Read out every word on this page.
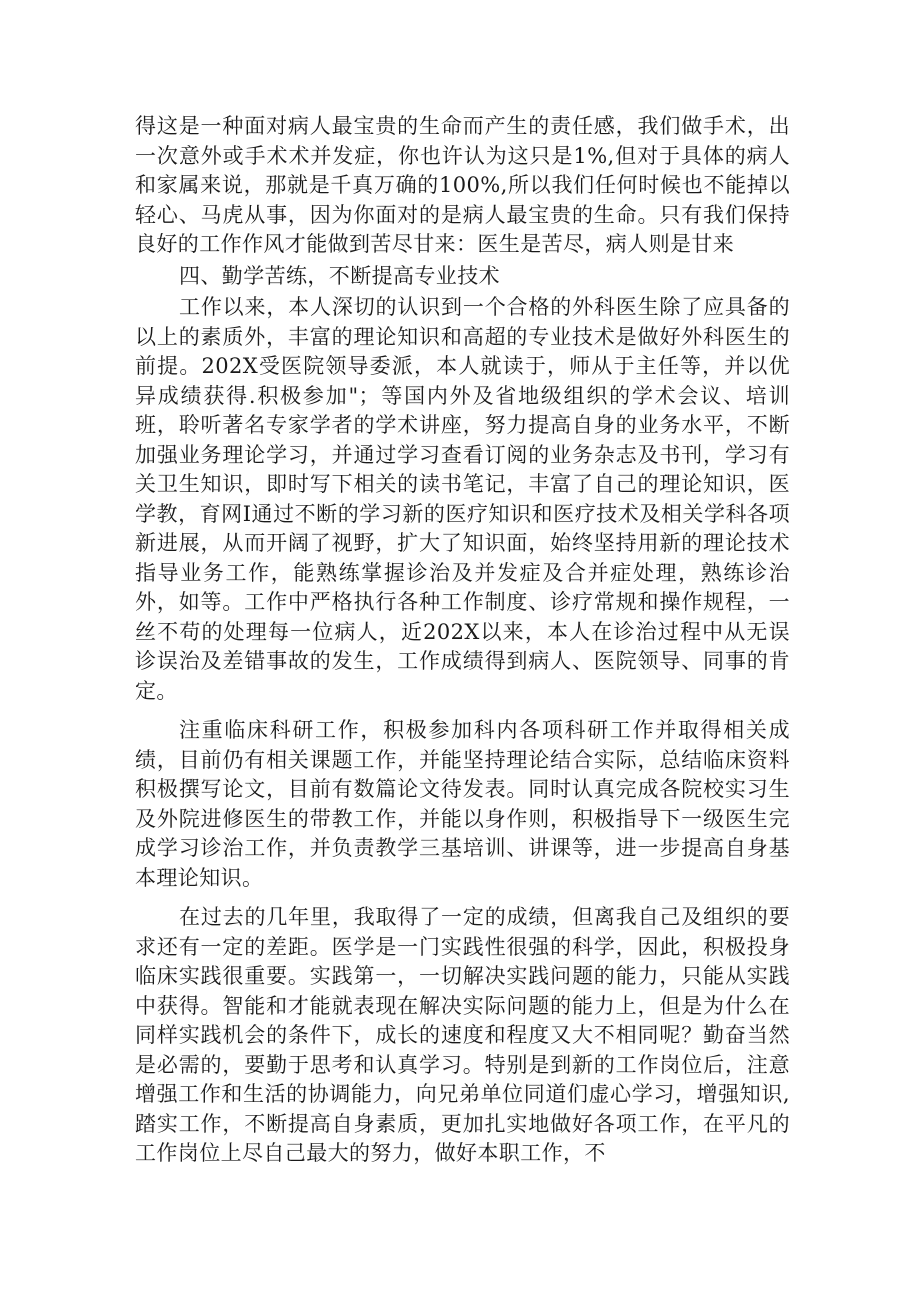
得这是一种面对病人最宝贵的生命而产生的责任感，我们做手术，出一次意外或手术术并发症，你也许认为这只是1%,但对于具体的病人和家属来说，那就是千真万确的100%,所以我们任何时候也不能掉以轻心、马虎从事，因为你面对的是病人最宝贵的生命。只有我们保持良好的工作作风才能做到苦尽甘来：医生是苦尽，病人则是甘来

四、勤学苦练，不断提高专业技术

工作以来，本人深切的认识到一个合格的外科医生除了应具备的以上的素质外，丰富的理论知识和高超的专业技术是做好外科医生的前提。202X受医院领导委派，本人就读于，师从于主任等，并以优异成绩获得.积极参加"；等国内外及省地级组织的学术会议、培训班，聆听著名专家学者的学术讲座，努力提高自身的业务水平，不断加强业务理论学习，并通过学习查看订阅的业务杂志及书刊，学习有关卫生知识，即时写下相关的读书笔记，丰富了自己的理论知识，医学教，育网I通过不断的学习新的医疗知识和医疗技术及相关学科各项新进展，从而开阔了视野，扩大了知识面，始终坚持用新的理论技术指导业务工作，能熟练掌握诊治及并发症及合并症处理，熟练诊治外，如等。工作中严格执行各种工作制度、诊疗常规和操作规程，一丝不苟的处理每一位病人，近202X以来，本人在诊治过程中从无误诊误治及差错事故的发生，工作成绩得到病人、医院领导、同事的肯定。

注重临床科研工作，积极参加科内各项科研工作并取得相关成绩，目前仍有相关课题工作，并能坚持理论结合实际，总结临床资料积极撰写论文，目前有数篇论文待发表。同时认真完成各院校实习生及外院进修医生的带教工作，并能以身作则，积极指导下一级医生完成学习诊治工作，并负责教学三基培训、讲课等，进一步提高自身基本理论知识。

在过去的几年里，我取得了一定的成绩，但离我自己及组织的要求还有一定的差距。医学是一门实践性很强的科学，因此，积极投身临床实践很重要。实践第一，一切解决实践问题的能力，只能从实践中获得。智能和才能就表现在解决实际问题的能力上，但是为什么在同样实践机会的条件下，成长的速度和程度又大不相同呢？勤奋当然是必需的，要勤于思考和认真学习。特别是到新的工作岗位后，注意增强工作和生活的协调能力，向兄弟单位同道们虚心学习，增强知识,踏实工作，不断提高自身素质，更加扎实地做好各项工作，在平凡的工作岗位上尽自己最大的努力，做好本职工作，不
